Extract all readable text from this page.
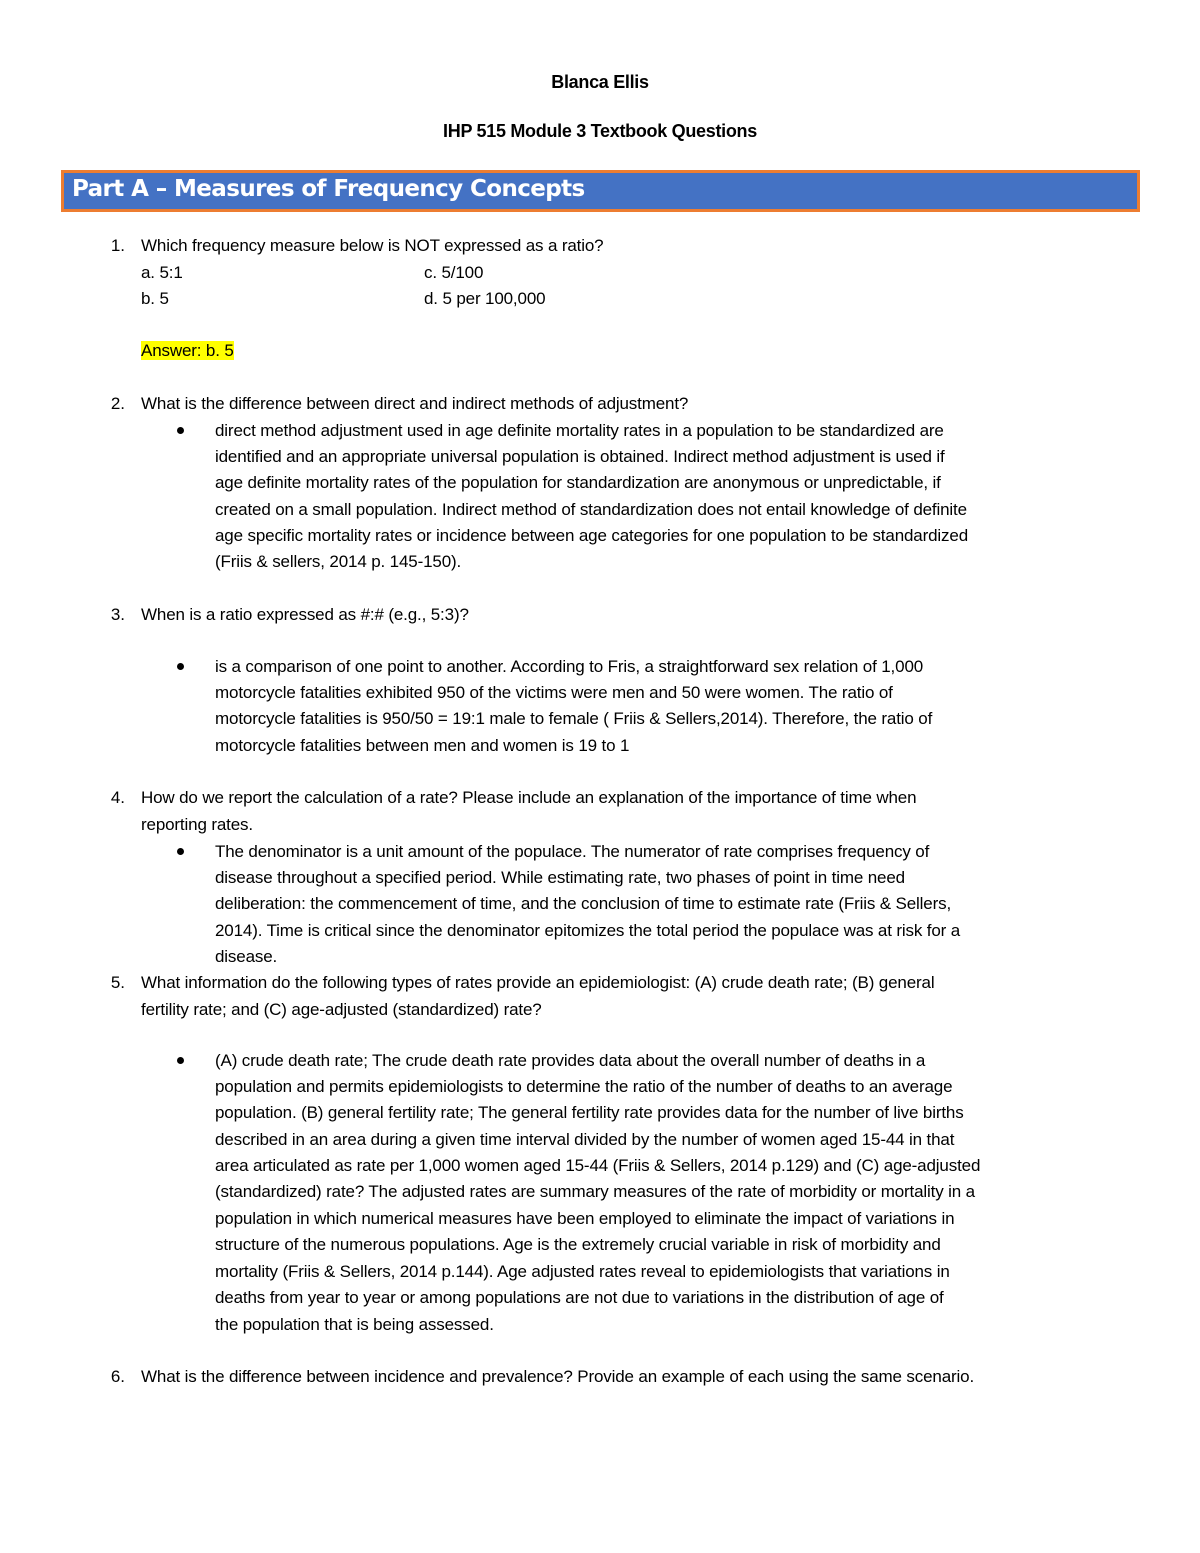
Blanca Ellis
IHP 515 Module 3 Textbook Questions
Part A – Measures of Frequency Concepts
1. Which frequency measure below is NOT expressed as a ratio?
a. 5:1	c. 5/100
b. 5	d. 5 per 100,000
Answer: b. 5
2. What is the difference between direct and indirect methods of adjustment?
direct method adjustment used in age definite mortality rates in a population to be standardized are
identified and an appropriate universal population is obtained. Indirect method adjustment is used if
age definite mortality rates of the population for standardization are anonymous or unpredictable, if
created on a small population. Indirect method of standardization does not entail knowledge of definite
age specific mortality rates or incidence between age categories for one population to be standardized
(Friis & sellers, 2014 p. 145-150).
3. When is a ratio expressed as #:# (e.g., 5:3)?
is a comparison of one point to another. According to Fris, a straightforward sex relation of 1,000
motorcycle fatalities exhibited 950 of the victims were men and 50 were women. The ratio of
motorcycle fatalities is 950/50 = 19:1 male to female ( Friis & Sellers,2014). Therefore, the ratio of
motorcycle fatalities between men and women is 19 to 1
4. How do we report the calculation of a rate? Please include an explanation of the importance of time when
reporting rates.
The denominator is a unit amount of the populace. The numerator of rate comprises frequency of
disease throughout a specified period. While estimating rate, two phases of point in time need
deliberation: the commencement of time, and the conclusion of time to estimate rate (Friis & Sellers,
2014). Time is critical since the denominator epitomizes the total period the populace was at risk for a
disease.
5. What information do the following types of rates provide an epidemiologist: (A) crude death rate; (B) general
fertility rate; and (C) age-adjusted (standardized) rate?
(A) crude death rate; The crude death rate provides data about the overall number of deaths in a
population and permits epidemiologists to determine the ratio of the number of deaths to an average
population. (B) general fertility rate; The general fertility rate provides data for the number of live births
described in an area during a given time interval divided by the number of women aged 15-44 in that
area articulated as rate per 1,000 women aged 15-44 (Friis & Sellers, 2014 p.129) and (C) age-adjusted
(standardized) rate? The adjusted rates are summary measures of the rate of morbidity or mortality in a
population in which numerical measures have been employed to eliminate the impact of variations in
structure of the numerous populations. Age is the extremely crucial variable in risk of morbidity and
mortality (Friis & Sellers, 2014 p.144). Age adjusted rates reveal to epidemiologists that variations in
deaths from year to year or among populations are not due to variations in the distribution of age of
the population that is being assessed.
6. What is the difference between incidence and prevalence? Provide an example of each using the same scenario.
